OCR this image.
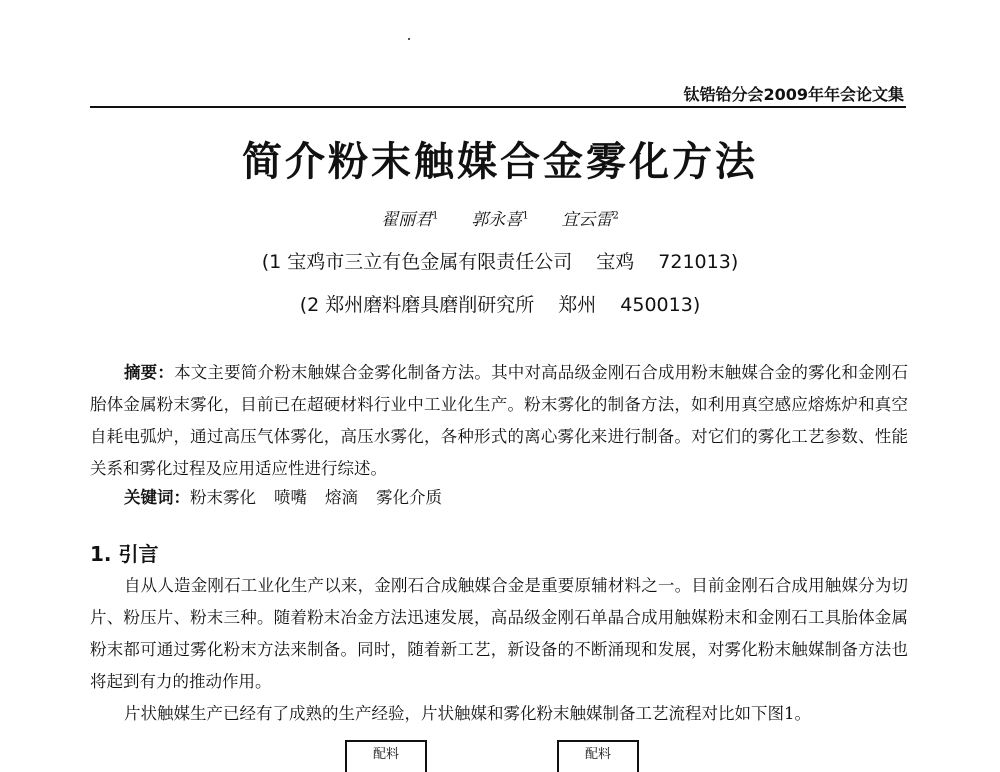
钛锆铪分会2009年年会论文集
简介粉末触媒合金雾化方法
翟丽君$^1$ 郭永喜$^1$ 宜云雷$^2$
(1 宝鸡市三立有色金属有限责任公司 宝鸡 721013)
(2 郑州磨料磨具磨削研究所 郑州 450013)
摘要：本文主要简介粉末触媒合金雾化制备方法。其中对高品级金刚石合成用粉末触媒合金的雾化和金刚石胎体金属粉末雾化，目前已在超硬材料行业中工业化生产。粉末雾化的制备方法，如利用真空感应熔炼炉和真空自耗电弧炉，通过高压气体雾化，高压水雾化，各种形式的离心雾化来进行制备。对它们的雾化工艺参数、性能关系和雾化过程及应用适应性进行综述。
关键词：粉末雾化 喷嘴 熔滴 雾化介质
1. 引言
自从人造金刚石工业化生产以来，金刚石合成触媒合金是重要原辅材料之一。目前金刚石合成用触媒分为切片、粉压片、粉末三种。随着粉末冶金方法迅速发展，高品级金刚石单晶合成用触媒粉末和金刚石工具胎体金属粉末都可通过雾化粉末方法来制备。同时，随着新工艺，新设备的不断涌现和发展，对雾化粉末触媒制备方法也将起到有力的推动作用。
片状触媒生产已经有了成熟的生产经验，片状触媒和雾化粉末触媒制备工艺流程对比如下图1。
配料	配料
